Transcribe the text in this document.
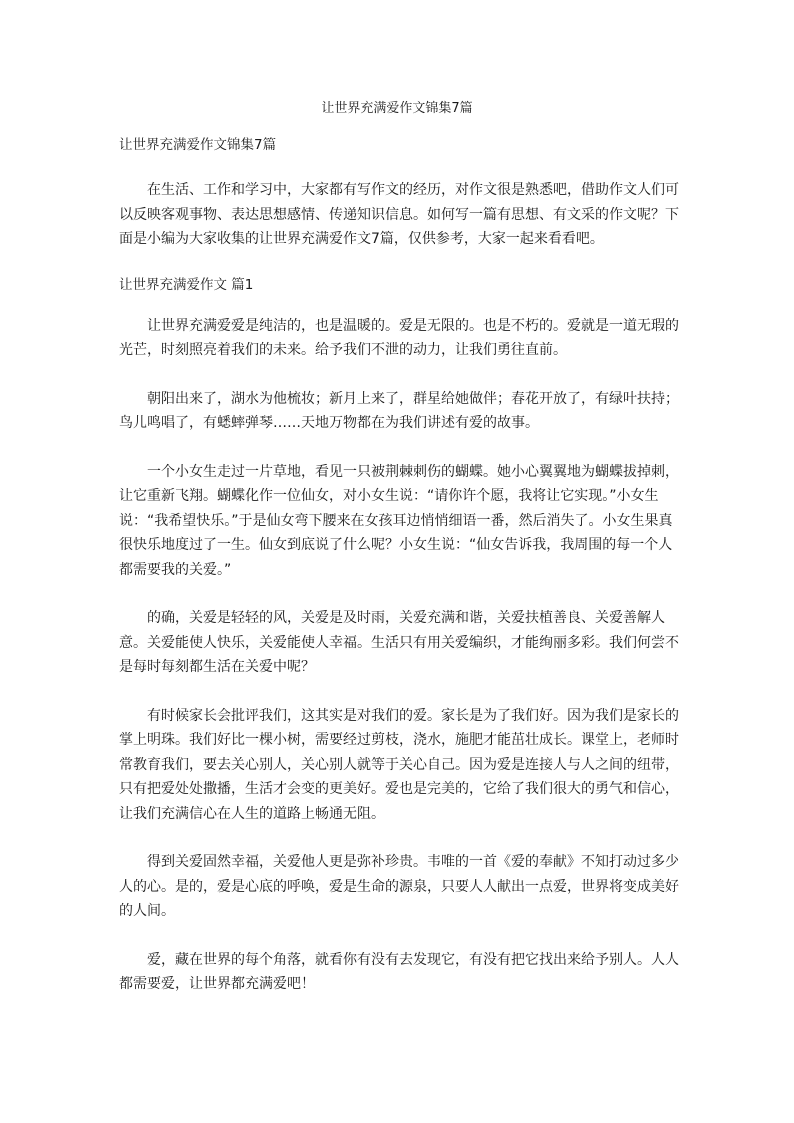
让世界充满爱作文锦集7篇

让世界充满爱作文锦集7篇

在生活、工作和学习中，大家都有写作文的经历，对作文很是熟悉吧，借助作文人们可以反映客观事物、表达思想感情、传递知识信息。如何写一篇有思想、有文采的作文呢？下面是小编为大家收集的让世界充满爱作文7篇，仅供参考，大家一起来看看吧。

让世界充满爱作文 篇1

让世界充满爱爱是纯洁的，也是温暖的。爱是无限的。也是不朽的。爱就是一道无瑕的光芒，时刻照亮着我们的未来。给予我们不泄的动力，让我们勇往直前。

朝阳出来了，湖水为他梳妆；新月上来了，群星给她做伴；春花开放了，有绿叶扶持；鸟儿鸣唱了，有蟋蟀弹琴……天地万物都在为我们讲述有爱的故事。

一个小女生走过一片草地，看见一只被荆棘刺伤的蝴蝶。她小心翼翼地为蝴蝶拔掉刺，让它重新飞翔。蝴蝶化作一位仙女，对小女生说：“请你许个愿，我将让它实现。”小女生说：“我希望快乐。”于是仙女弯下腰来在女孩耳边悄悄细语一番，然后消失了。小女生果真很快乐地度过了一生。仙女到底说了什么呢？小女生说：“仙女告诉我，我周围的每一个人都需要我的关爱。”

的确，关爱是轻轻的风，关爱是及时雨，关爱充满和谐，关爱扶植善良、关爱善解人意。关爱能使人快乐，关爱能使人幸福。生活只有用关爱编织，才能绚丽多彩。我们何尝不是每时每刻都生活在关爱中呢？

有时候家长会批评我们，这其实是对我们的爱。家长是为了我们好。因为我们是家长的掌上明珠。我们好比一棵小树，需要经过剪枝，浇水，施肥才能茁壮成长。课堂上，老师时常教育我们，要去关心别人，关心别人就等于关心自己。因为爱是连接人与人之间的纽带，只有把爱处处撒播，生活才会变的更美好。爱也是完美的，它给了我们很大的勇气和信心，让我们充满信心在人生的道路上畅通无阻。

得到关爱固然幸福，关爱他人更是弥补珍贵。韦唯的一首《爱的奉献》不知打动过多少人的心。是的，爱是心底的呼唤，爱是生命的源泉，只要人人献出一点爱，世界将变成美好的人间。

爱，藏在世界的每个角落，就看你有没有去发现它，有没有把它找出来给予别人。人人都需要爱，让世界都充满爱吧！
